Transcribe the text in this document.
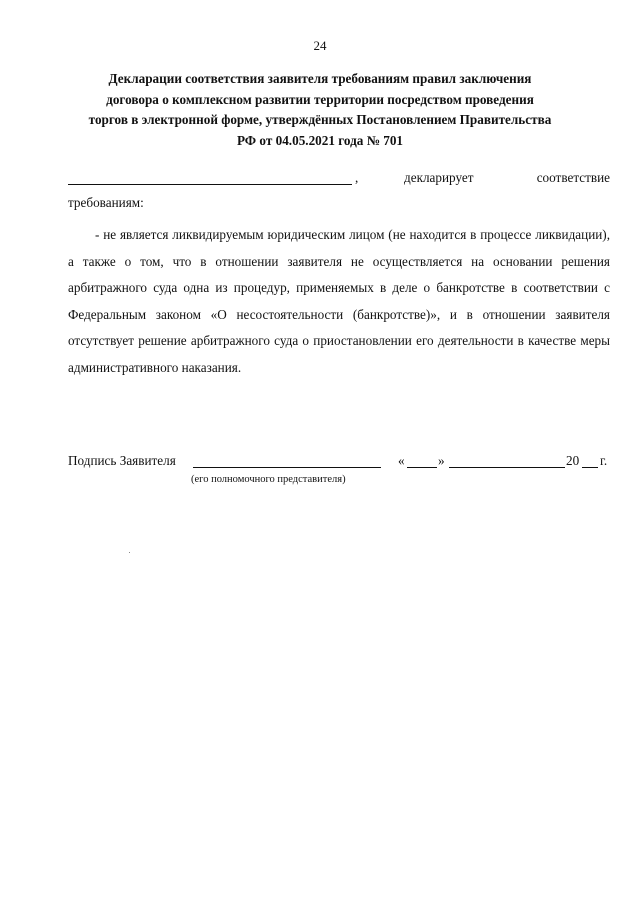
24
Декларации соответствия заявителя требованиям правил заключения
договора о комплексном развитии территории посредством проведения
торгов в электронной форме, утверждённых Постановлением Правительства
РФ от 04.05.2021 года № 701
,	декларирует	соответствие
требованиям:

- не является ликвидируемым юридическим лицом (не находится в процессе ликвидации), а также о том, что в отношении заявителя не осуществляется на основании решения арбитражного суда одна из процедур, применяемых в деле о банкротстве в соответствии с Федеральным законом «О несостоятельности (банкротстве)», и в отношении заявителя отсутствует решение арбитражного суда о приостановлении его деятельности в качестве меры административного наказания.

Подпись Заявителя	«	»	20 г.
(его полномочного представителя)
